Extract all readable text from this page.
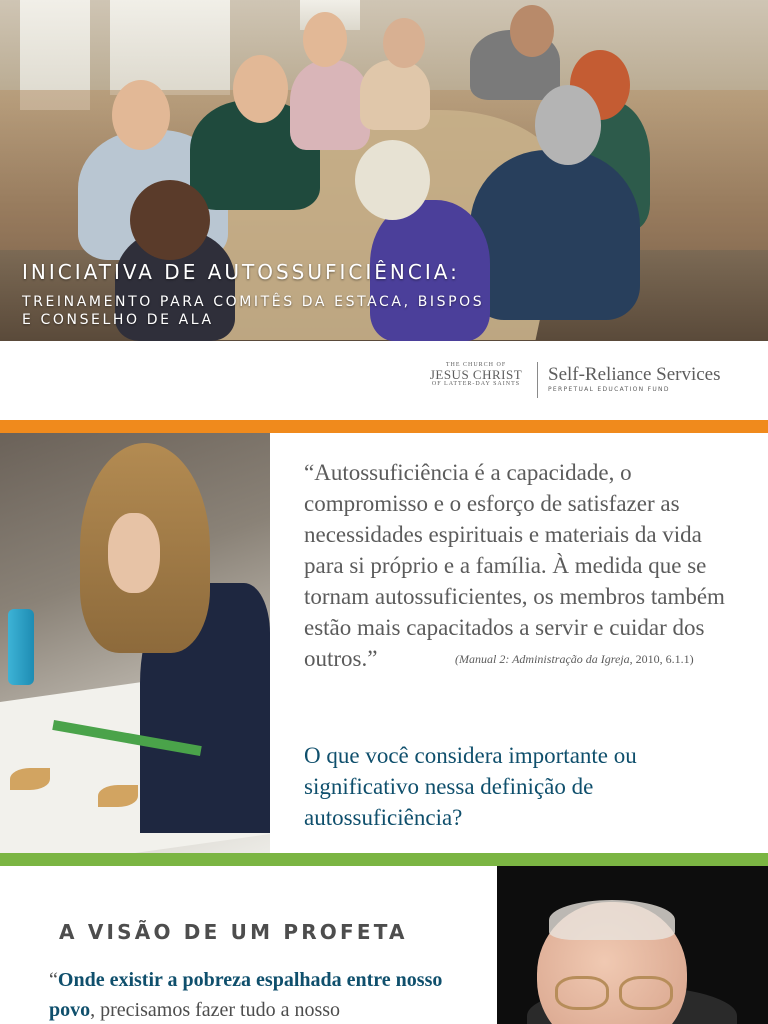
INICIATIVA DE AUTOSSUFICIÊNCIA:
TREINAMENTO PARA COMITÊS DA ESTACA, BISPOS
E CONSELHO DE ALA
THE CHURCH OF
JESUS CHRIST
OF LATTER-DAY SAINTS Self-Reliance Services
PERPETUAL EDUCATION FUND

“Autossuficiência é a capacidade, o compromisso e o esforço de satisfazer as necessidades espirituais e materiais da vida para si próprio e a família. À medida que se tornam autossuficientes, os membros também estão mais capacitados a servir e cuidar dos outros.”	(Manual 2: Administração da Igreja, 2010, 6.1.1)

O que você considera importante ou significativo nessa definição de autossuficiência?

A VISÃO DE UM PROFETA

“Onde existir a pobreza espalhada entre nosso povo, precisamos fazer tudo a nosso
